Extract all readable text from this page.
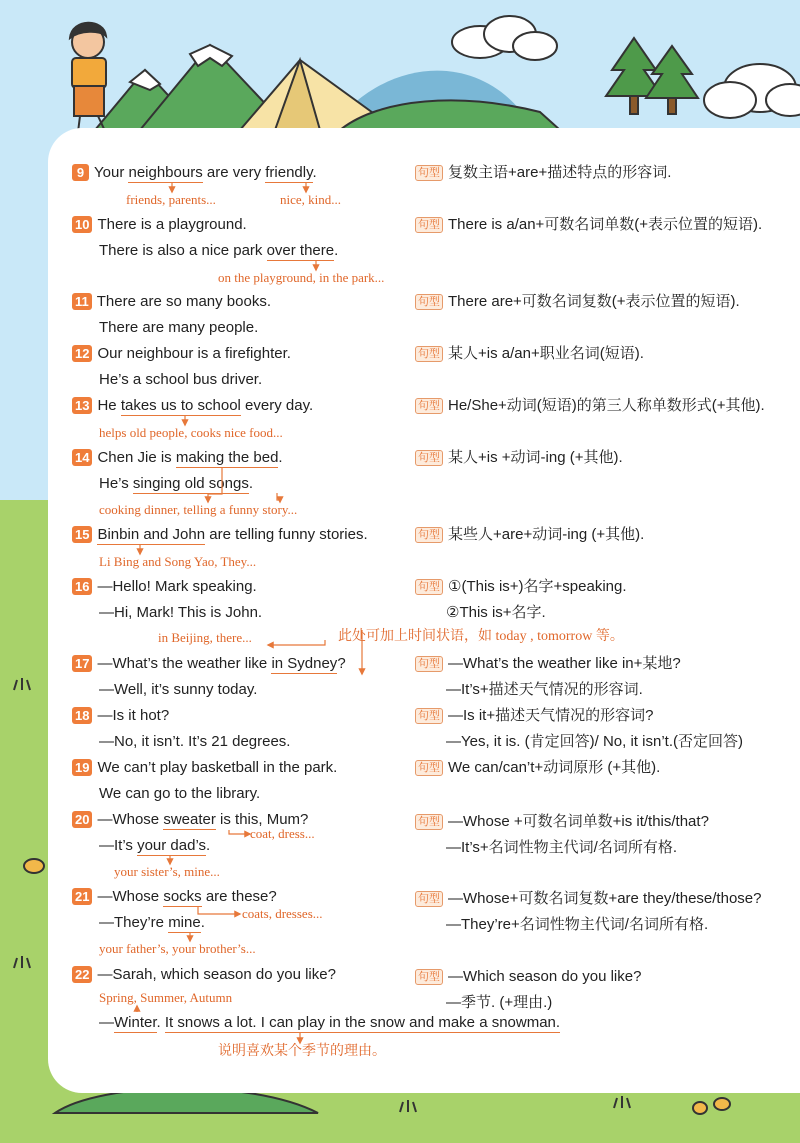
9 Your neighbours are very friendly.
friends, parents...	nice, kind...
句型 复数主语+are+描述特点的形容词.
10 There is a playground.
There is also a nice park over there.
on the playground, in the park...
句型 There is a/an+可数名词单数(+表示位置的短语).
11 There are so many books.
There are many people.
句型 There are+可数名词复数(+表示位置的短语).
12 Our neighbour is a firefighter.
He’s a school bus driver.
句型 某人+is a/an+职业名词(短语).
13 He takes us to school every day.
helps old people, cooks nice food...
句型 He/She+动词(短语)的第三人称单数形式(+其他).
14 Chen Jie is making the bed.
He’s singing old songs.
cooking dinner, telling a funny story...
句型 某人+is +动词-ing (+其他).
15 Binbin and John are telling funny stories.
Li Bing and Song Yao, They...
句型 某些人+are+动词-ing (+其他).
16 —Hello! Mark speaking.
—Hi, Mark! This is John.
in Beijing, there...	此处可加上时间状语，如 today , tomorrow 等。
句型 ①(This is+)名字+speaking.
②This is+名字.
17 —What’s the weather like in Sydney?
—Well, it’s sunny today.
句型 —What’s the weather like in+某地?
—It’s+描述天气情况的形容词.
18 —Is it hot?
—No, it isn’t. It’s 21 degrees.
句型 —Is it+描述天气情况的形容词?
—Yes, it is. (肯定回答)/ No, it isn’t.(否定回答)
19 We can’t play basketball in the park.
We can go to the library.
句型 We can/can’t+动词原形 (+其他).
20 —Whose sweater is this, Mum?
coat, dress...
—It’s your dad’s.
your sister’s, mine...
句型 —Whose +可数名词单数+is it/this/that?
—It’s+名词性物主代词/名词所有格.
21 —Whose socks are these?
—They’re mine.
coats, dresses...
your father’s, your brother’s...
句型 —Whose+可数名词复数+are they/these/those?
—They’re+名词性物主代词/名词所有格.
22 —Sarah, which season do you like?
Spring, Summer, Autumn
—Winter. It snows a lot. I can play in the snow and make a snowman.
说明喜欢某个季节的理由。
句型 —Which season do you like?
—季节. (+理由.)
